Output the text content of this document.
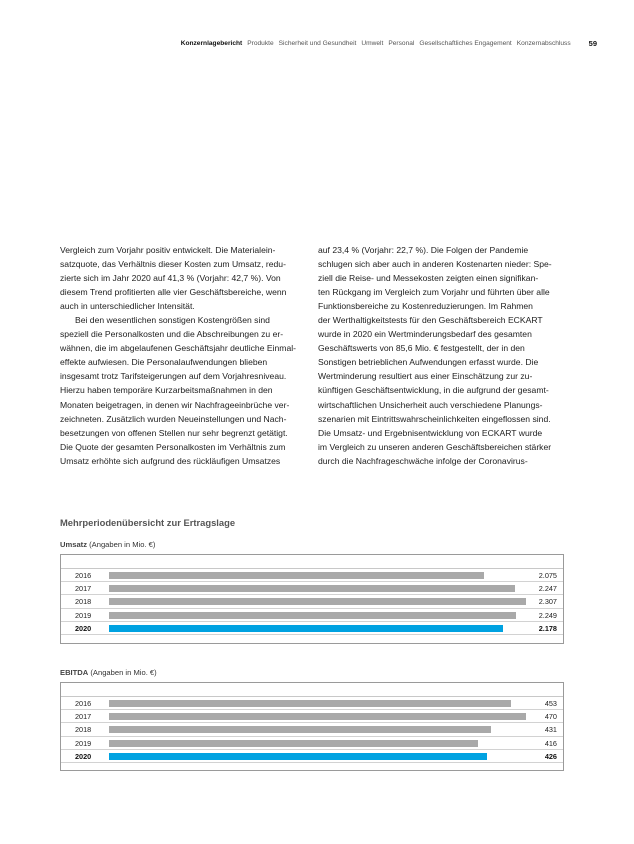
Konzernlagebericht Produkte Sicherheit und Gesundheit Umwelt Personal Gesellschaftliches Engagement Konzernabschluss 59

Vergleich zum Vorjahr positiv entwickelt. Die Materialein-

satzquote, das Verhältnis dieser Kosten zum Umsatz, redu-

zierte sich im Jahr 2020 auf 41,3 % (Vorjahr: 42,7 %). Von

diesem Trend profitierten alle vier Geschäftsbereiche, wenn

auch in unterschiedlicher Intensität.

Bei den wesentlichen sonstigen Kostengrößen sind

speziell die Personalkosten und die Abschreibungen zu er-

wähnen, die im abgelaufenen Geschäftsjahr deutliche Einmal-

effekte aufwiesen. Die Personalaufwendungen blieben

insgesamt trotz Tarifsteigerungen auf dem Vorjahresniveau.

Hierzu haben temporäre Kurzarbeitsmaßnahmen in den

Monaten beigetragen, in denen wir Nachfrageeinbrüche ver-

zeichneten. Zusätzlich wurden Neueinstellungen und Nach-

besetzungen von offenen Stellen nur sehr begrenzt getätigt.

Die Quote der gesamten Personalkosten im Verhältnis zum

Umsatz erhöhte sich aufgrund des rückläufigen Umsatzes

auf 23,4 % (Vorjahr: 22,7 %). Die Folgen der Pandemie

schlugen sich aber auch in anderen Kostenarten nieder: Spe-

ziell die Reise- und Messekosten zeigten einen signifikan-

ten Rückgang im Vergleich zum Vorjahr und führten über alle

Funktionsbereiche zu Kostenreduzierungen. Im Rahmen

der Werthaltigkeitstests für den Geschäftsbereich ECKART

wurde in 2020 ein Wertminderungsbedarf des gesamten

Geschäftswerts von 85,6 Mio. € festgestellt, der in den

Sonstigen betrieblichen Aufwendungen erfasst wurde. Die

Wertminderung resultiert aus einer Einschätzung zur zu-

künftigen Geschäftsentwicklung, in die aufgrund der gesamt-

wirtschaftlichen Unsicherheit auch verschiedene Planungs-

szenarien mit Eintrittswahrscheinlichkeiten eingeflossen sind.

Die Umsatz- und Ergebnisentwicklung von ECKART wurde

im Vergleich zu unseren anderen Geschäftsbereichen stärker

durch die Nachfrageschwäche infolge der Coronavirus-

Mehrperiodenübersicht zur Ertragslage
Umsatz (Angaben in Mio. €)
2016	2.075
2017	2.247
2018	2.307
2019	2.249
2020	2.178
EBITDA (Angaben in Mio. €)
2016	453
2017	470
2018	431
2019	416
2020	426
